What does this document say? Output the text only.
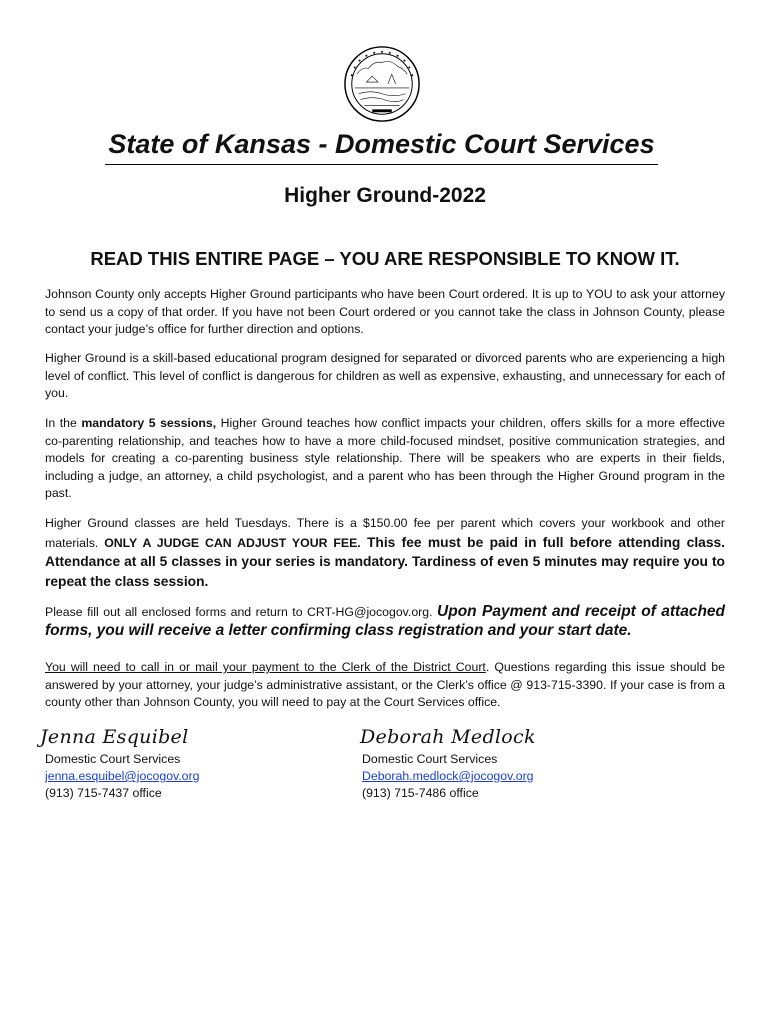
State of Kansas - Domestic Court Services
Higher Ground-2022
READ THIS ENTIRE PAGE – YOU ARE RESPONSIBLE TO KNOW IT.

Johnson County only accepts Higher Ground participants who have been Court ordered. It is up to YOU to ask your attorney to send us a copy of that order. If you have not been Court ordered or you cannot take the class in Johnson County, please contact your judge’s office for further direction and options.

Higher Ground is a skill-based educational program designed for separated or divorced parents who are experiencing a high level of conflict. This level of conflict is dangerous for children as well as expensive, exhausting, and unnecessary for each of you.

In the mandatory 5 sessions, Higher Ground teaches how conflict impacts your children, offers skills for a more effective co-parenting relationship, and teaches how to have a more child-focused mindset, positive communication strategies, and models for creating a co-parenting business style relationship. There will be speakers who are experts in their fields, including a judge, an attorney, a child psychologist, and a parent who has been through the Higher Ground program in the past.

Higher Ground classes are held Tuesdays. There is a $150.00 fee per parent which covers your workbook and other materials. ONLY A JUDGE CAN ADJUST YOUR FEE. This fee must be paid in full before attending class. Attendance at all 5 classes in your series is mandatory. Tardiness of even 5 minutes may require you to repeat the class session.

Please fill out all enclosed forms and return to CRT-HG@jocogov.org. Upon Payment and receipt of attached forms, you will receive a letter confirming class registration and your start date.

You will need to call in or mail your payment to the Clerk of the District Court. Questions regarding this issue should be answered by your attorney, your judge’s administrative assistant, or the Clerk’s office @ 913-715-3390. If your case is from a county other than Johnson County, you will need to pay at the Court Services office.

Jenna Esquibel
Domestic Court Services
jenna.esquibel@jocogov.org
(913) 715-7437 office
Deborah Medlock
Domestic Court Services
Deborah.medlock@jocogov.org
(913) 715-7486 office
